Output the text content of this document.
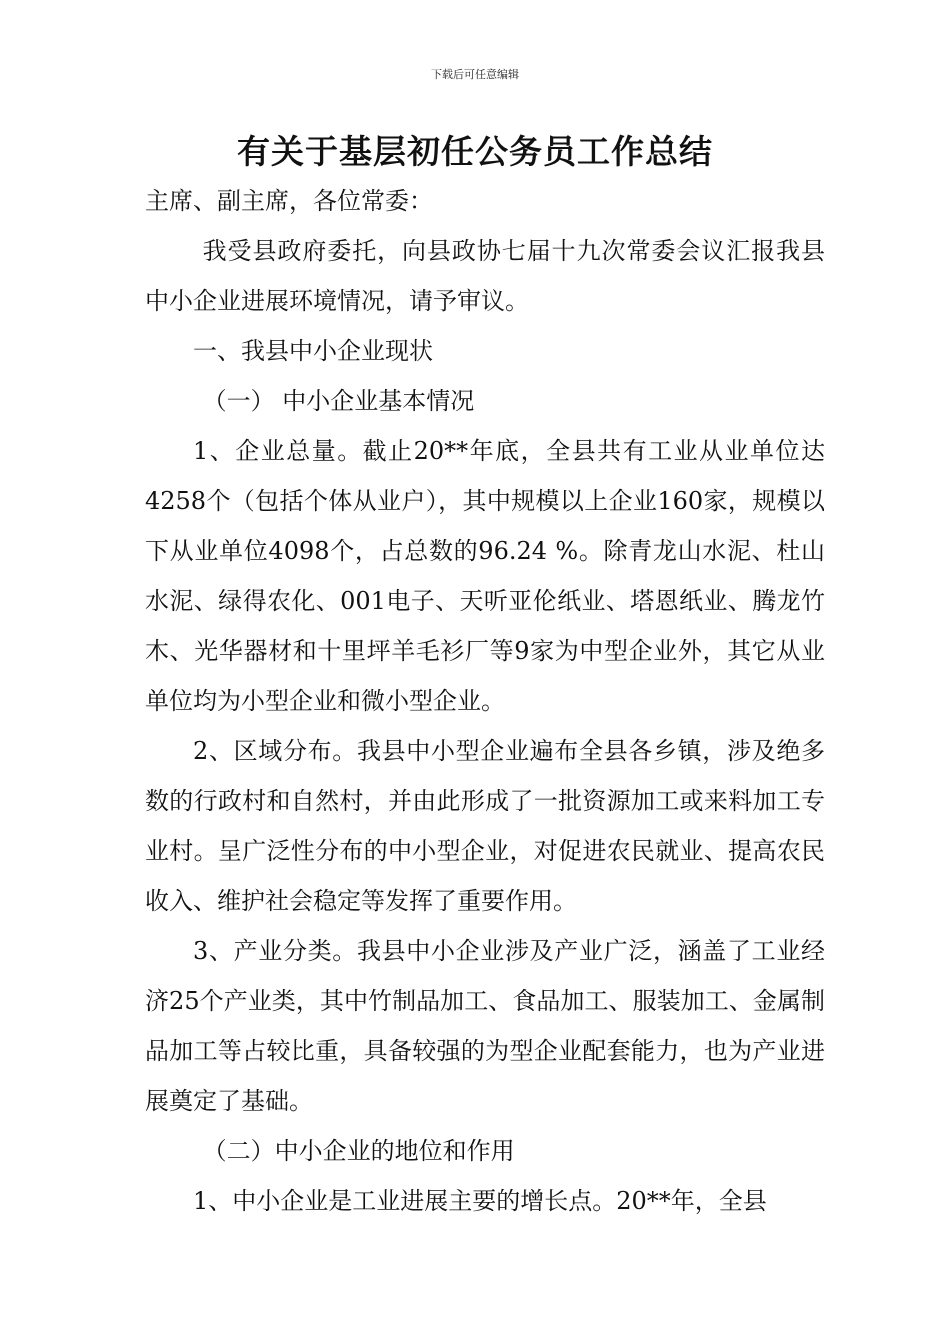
下载后可任意编辑
有关于基层初任公务员工作总结

主席、副主席，各位常委：

我受县政府委托，向县政协七届十九次常委会议汇报我县中小企业进展环境情况，请予审议。

一、我县中小企业现状

（一） 中小企业基本情况

1、企业总量。截止20**年底，全县共有工业从业单位达4258个（包括个体从业户），其中规模以上企业160家，规模以下从业单位4098个，占总数的96.24 %。除青龙山水泥、杜山水泥、绿得农化、001电子、天听亚伦纸业、塔恩纸业、腾龙竹木、光华器材和十里坪羊毛衫厂等9家为中型企业外，其它从业单位均为小型企业和微小型企业。

2、区域分布。我县中小型企业遍布全县各乡镇，涉及绝多数的行政村和自然村，并由此形成了一批资源加工或来料加工专业村。呈广泛性分布的中小型企业，对促进农民就业、提高农民收入、维护社会稳定等发挥了重要作用。

3、产业分类。我县中小企业涉及产业广泛，涵盖了工业经济25个产业类，其中竹制品加工、食品加工、服装加工、金属制品加工等占较比重，具备较强的为型企业配套能力，也为产业进展奠定了基础。

（二）中小企业的地位和作用

1、中小企业是工业进展主要的增长点。20**年，全县
